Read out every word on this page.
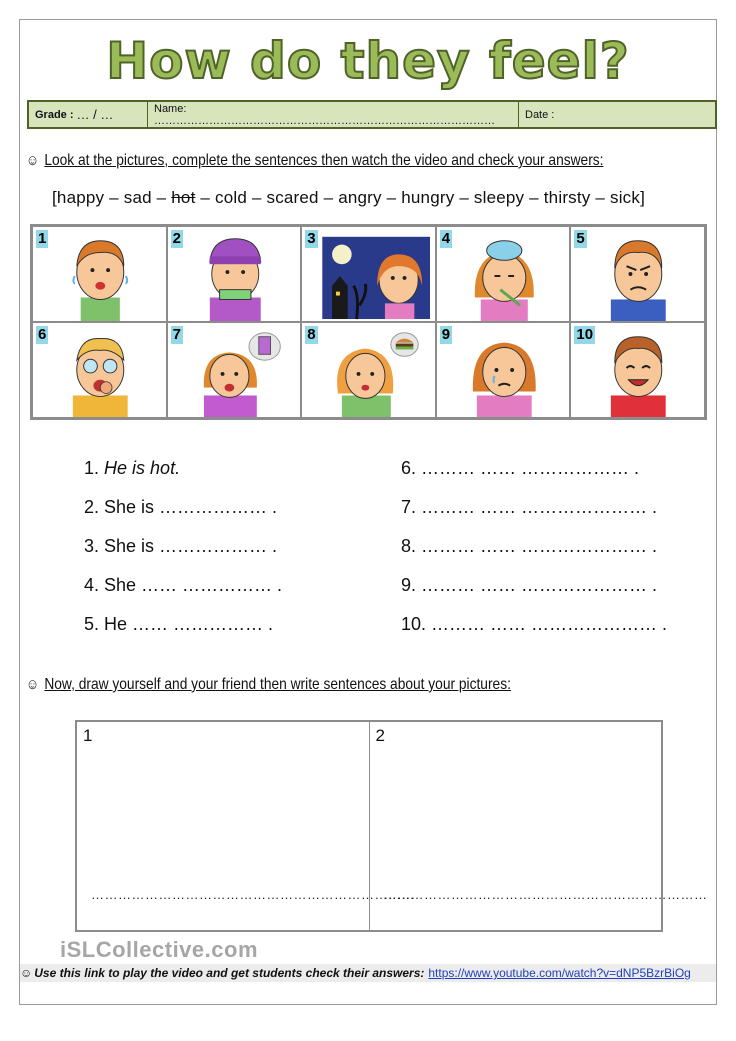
How do they feel?
Grade : … / …	Name: …………………………………………………………………………………	Date :
☺ Look at the pictures, complete the sentences then watch the video and check your answers:
[happy – sad – hot – cold – scared – angry – hungry – sleepy – thirsty – sick]
1	2	3	4	5
6	7	8	9	10
1. He is hot.
2. She is ……………… .
3. She is ……………… .
4. She …… …………… .
5. He …… …………… .
6. ……… …… ……………… .
7. ……… …… ………………… .
8. ……… …… ………………… .
9. ……… …… ………………… .
10. ……… …… ………………… .
☺ Now, draw yourself and your friend then write sentences about your pictures:
1
………………………………………………………………
2
………………………………………………………………
iSLCollective.com
☺ Use this link to play the video and get students check their answers: https://www.youtube.com/watch?v=dNP5BzrBiOg
